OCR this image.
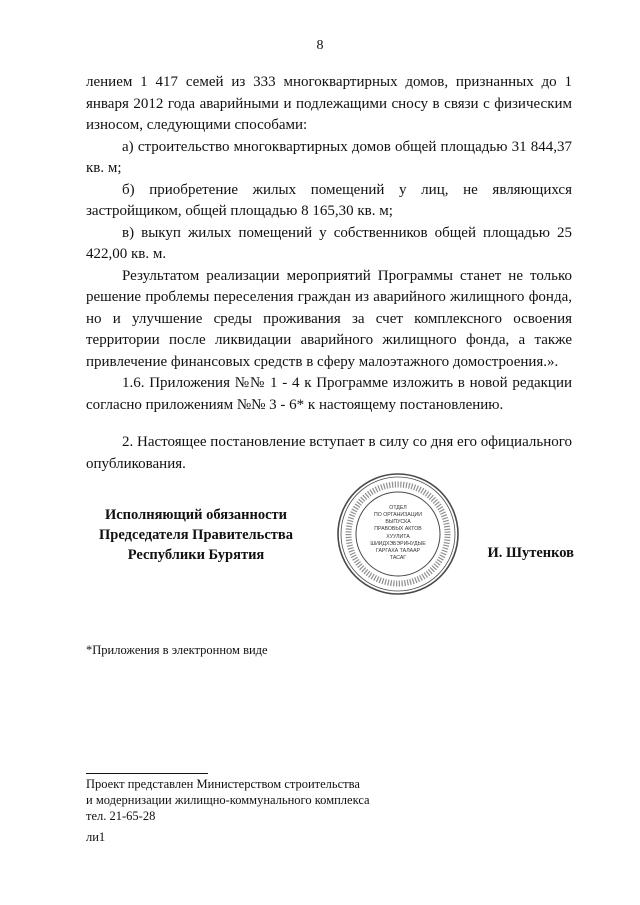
8

лением 1 417 семей из 333 многоквартирных домов, признанных до 1 января 2012 года аварийными и подлежащими сносу в связи с физическим износом, следующими способами:

а) строительство многоквартирных домов общей площадью 31 844,37 кв. м;

б) приобретение жилых помещений у лиц, не являющихся застройщиком, общей площадью 8 165,30 кв. м;

в) выкуп жилых помещений у собственников общей площадью 25 422,00 кв. м.

Результатом реализации мероприятий Программы станет не только решение проблемы переселения граждан из аварийного жилищного фонда, но и улучшение среды проживания за счет комплексного освоения территории после ликвидации аварийного жилищного фонда, а также привлечение финансовых средств в сферу малоэтажного домостроения.».

1.6. Приложения №№ 1 - 4 к Программе изложить в новой редакции согласно приложениям №№ 3 - 6* к настоящему постановлению.

2. Настоящее постановление вступает в силу со дня его официального опубликования.

Исполняющий обязанности
Председателя Правительства
Республики Бурятия
ОТДЕЛ
ПО ОРГАНИЗАЦИИ
ВЫПУСКА
ПРАВОВЫХ АКТОВ
ХУУЛИТА
ШИИДХЭБЭРИНУДЫЕ
ГАРГАХА ТАЛААР
ТАСАГ	И. Шутенков
*Приложения в электронном виде
Проект представлен Министерством строительства
и модернизации жилищно-коммунального комплекса
тел. 21-65-28
ли1
